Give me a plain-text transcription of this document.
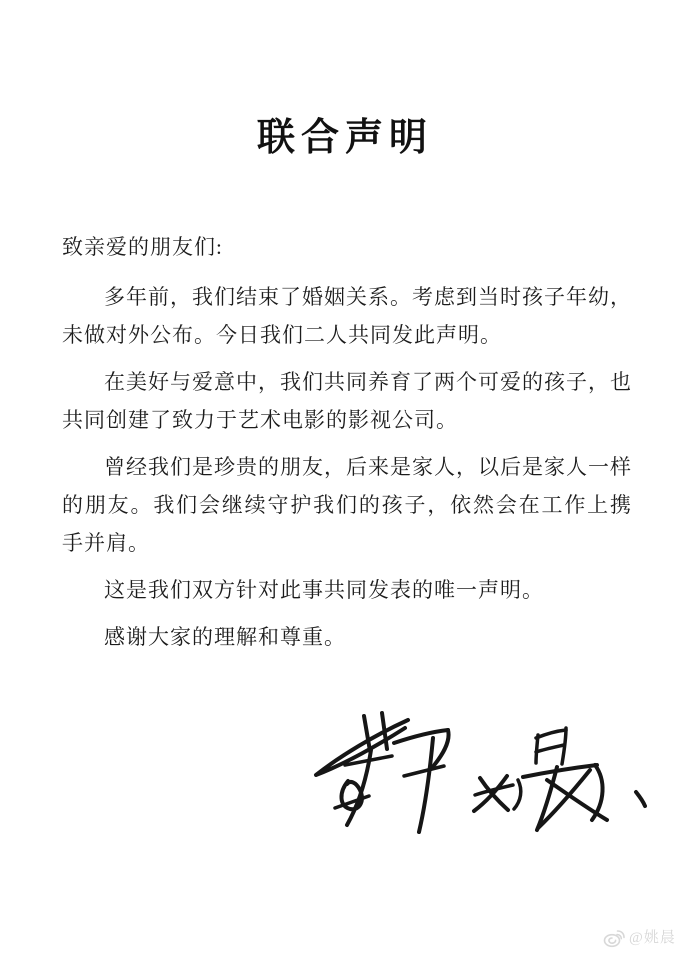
联合声明

致亲爱的朋友们:

多年前，我们结束了婚姻关系。考虑到当时孩子年幼，未做对外公布。今日我们二人共同发此声明。

在美好与爱意中，我们共同养育了两个可爱的孩子，也共同创建了致力于艺术电影的影视公司。

曾经我们是珍贵的朋友，后来是家人，以后是家人一样的朋友。我们会继续守护我们的孩子，依然会在工作上携手并肩。

这是我们双方针对此事共同发表的唯一声明。

感谢大家的理解和尊重。

@姚晨
